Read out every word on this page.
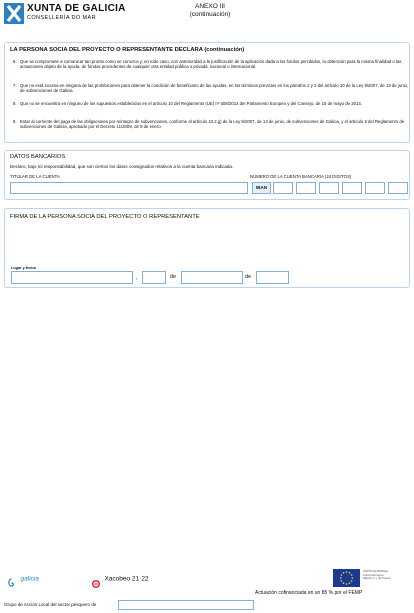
XUNTA DE GALICIA
CONSELLERÍA DO MAR
ANEXO III
(continuación)
LA PERSONA SOCIA DEL PROYECTO O REPRESENTANTE DECLARA (continuación)
6. Que se compromete a comunicar tan pronto como se conozca y, en todo caso, con anterioridad a la justificación de la aplicación dada a los fondos percibidos, la obtención para la misma finalidad o las actuaciones objeto de la ayuda, de fondos procedentes de cualquier otra entidad pública o privada, nacional o internacional.
7. Que no está incursa en ninguna de las prohibiciones para obtener la condición de beneficiario de las ayudas, en los términos previstos en los párrafos 2 y 3 del artículo 10 de la Ley 9/2007, de 13 de junio, de subvenciones de Galicia.
8. Que no se encuentra en ninguno de los supuestos establecidos en el artículo 10 del Reglamento (UE) nº 508/2014 del Parlamento Europeo y del Consejo, de 15 de mayo de 2014.
9. Estar al corriente del pago de las obligaciones por reintegro de subvenciones, conforme al artículo 10.2.g) de la Ley 9/2007, de 13 de junio, de subvenciones de Galicia, y el artículo 9 del Reglamento de subvenciones de Galicia, aprobado por el Decreto 11/2009, de 8 de enero.
DATOS BANCARIOS
Declaro, bajo mi responsabilidad, que son ciertos los datos consignados relativos a la cuenta bancaria indicada.
TITULAR DE LA CUENTA	NÚMERO DE LA CUENTA BANCARIA (24 DÍGITOS)
IBAN
FIRMA DE LA PERSONA SOCIA DEL PROYECTO O REPRESENTANTE
Lugar y fecha
,	de	de
galicia	Xacobeo 21·22
UNIÓN EUROPEA
Fondo Europeo
Marítimo y de Pesca
Actuación cofinanciada en un 85 % por el FEMP
Grupo de Acción Local del sector pesquero de
